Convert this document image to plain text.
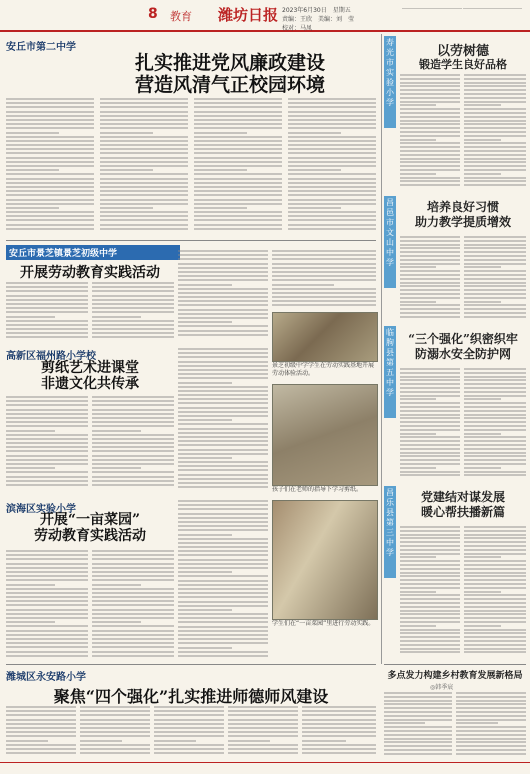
8 教育 潍坊日报 2023年6月30日　星期五
责编：王欣　美编：刘　莹
校对：马凤
安丘市第二中学
扎实推进党风廉政建设
营造风清气正校园环境
安丘市景芝镇景芝初级中学
开展劳动教育实践活动
景芝初级中学学生在劳动实践基地开展劳动体验活动。
高新区福州路小学校
剪纸艺术进课堂
非遗文化共传承
孩子们在老师的指导下学习剪纸。　
滨海区实验小学
开展“一亩菜园”
劳动教育实践活动
学生们在“一亩菜园”里进行劳动实践。
潍城区永安路小学
聚焦“四个强化”扎实推进师德师风建设
寿光市实验小学
昌邑市文山中学
临朐县第五中学
昌乐县第三中学
以劳树德
锻造学生良好品格
培养良好习惯
助力教学提质增效
“三个强化”织密织牢
防溺水安全防护网
党建结对谋发展
暖心帮扶播新篇
多点发力构建乡村教育发展新格局
◎韩季宸
